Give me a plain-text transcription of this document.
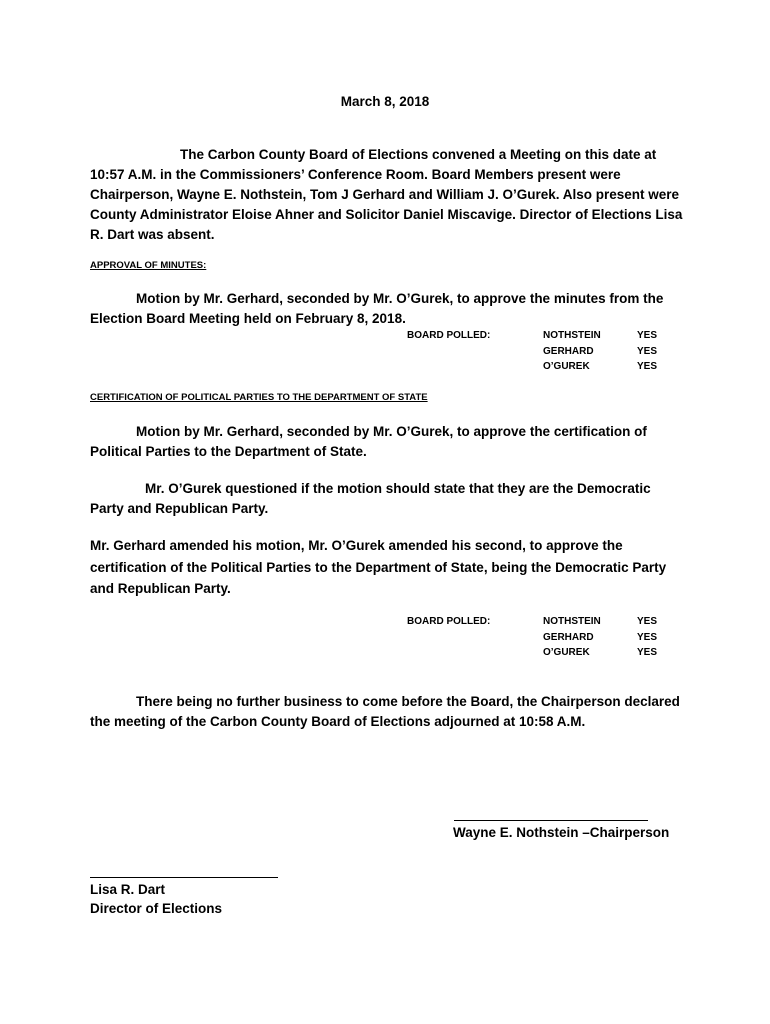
March 8, 2018
The Carbon County Board of Elections convened a Meeting on this date at
10:57 A.M. in the Commissioners’ Conference Room. Board Members present were
Chairperson, Wayne E. Nothstein, Tom J Gerhard and William J. O’Gurek. Also present were
County Administrator Eloise Ahner and Solicitor Daniel Miscavige. Director of Elections Lisa
R. Dart was absent.
APPROVAL OF MINUTES:
Motion by Mr. Gerhard, seconded by Mr. O’Gurek, to approve the minutes from the
Election Board Meeting held on February 8, 2018.
BOARD POLLED:	NOTHSTEIN
GERHARD
O’GUREK
YES
YES
YES
CERTIFICATION OF POLITICAL PARTIES TO THE DEPARTMENT OF STATE
Motion by Mr. Gerhard, seconded by Mr. O’Gurek, to approve the certification of
Political Parties to the Department of State.
Mr. O’Gurek questioned if the motion should state that they are the Democratic
Party and Republican Party.
Mr. Gerhard amended his motion, Mr. O’Gurek amended his second, to approve the
certification of the Political Parties to the Department of State, being the Democratic Party
and Republican Party.
BOARD POLLED:	NOTHSTEIN
GERHARD
O’GUREK
YES
YES
YES
There being no further business to come before the Board, the Chairperson declared
the meeting of the Carbon County Board of Elections adjourned at 10:58 A.M.
Wayne E. Nothstein –Chairperson
Lisa R. Dart
Director of Elections
